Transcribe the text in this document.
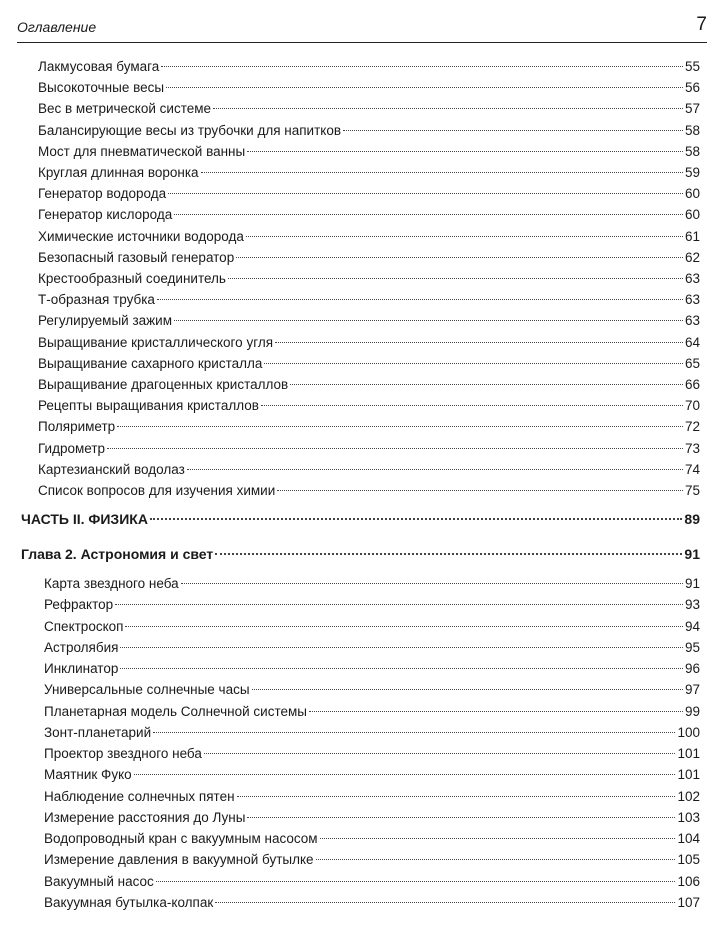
Оглавление	7
Лакмусовая бумага	55
Высокоточные весы	56
Вес в метрической системе	57
Балансирующие весы из трубочки для напитков	58
Мост для пневматической ванны	58
Круглая длинная воронка	59
Генератор водорода	60
Генератор кислорода	60
Химические источники водорода	61
Безопасный газовый генератор	62
Крестообразный соединитель	63
Т-образная трубка	63
Регулируемый зажим	63
Выращивание кристаллического угля	64
Выращивание сахарного кристалла	65
Выращивание драгоценных кристаллов	66
Рецепты выращивания кристаллов	70
Поляриметр	72
Гидрометр	73
Картезианский водолаз	74
Список вопросов для изучения химии	75
ЧАСТЬ II. ФИЗИКА	89
Глава 2. Астрономия и свет	91
Карта звездного неба	91
Рефрактор	93
Спектроскоп	94
Астролябия	95
Инклинатор	96
Универсальные солнечные часы	97
Планетарная модель Солнечной системы	99
Зонт-планетарий	100
Проектор звездного неба	101
Маятник Фуко	101
Наблюдение солнечных пятен	102
Измерение расстояния до Луны	103
Водопроводный кран с вакуумным насосом	104
Измерение давления в вакуумной бутылке	105
Вакуумный насос	106
Вакуумная бутылка-колпак	107
